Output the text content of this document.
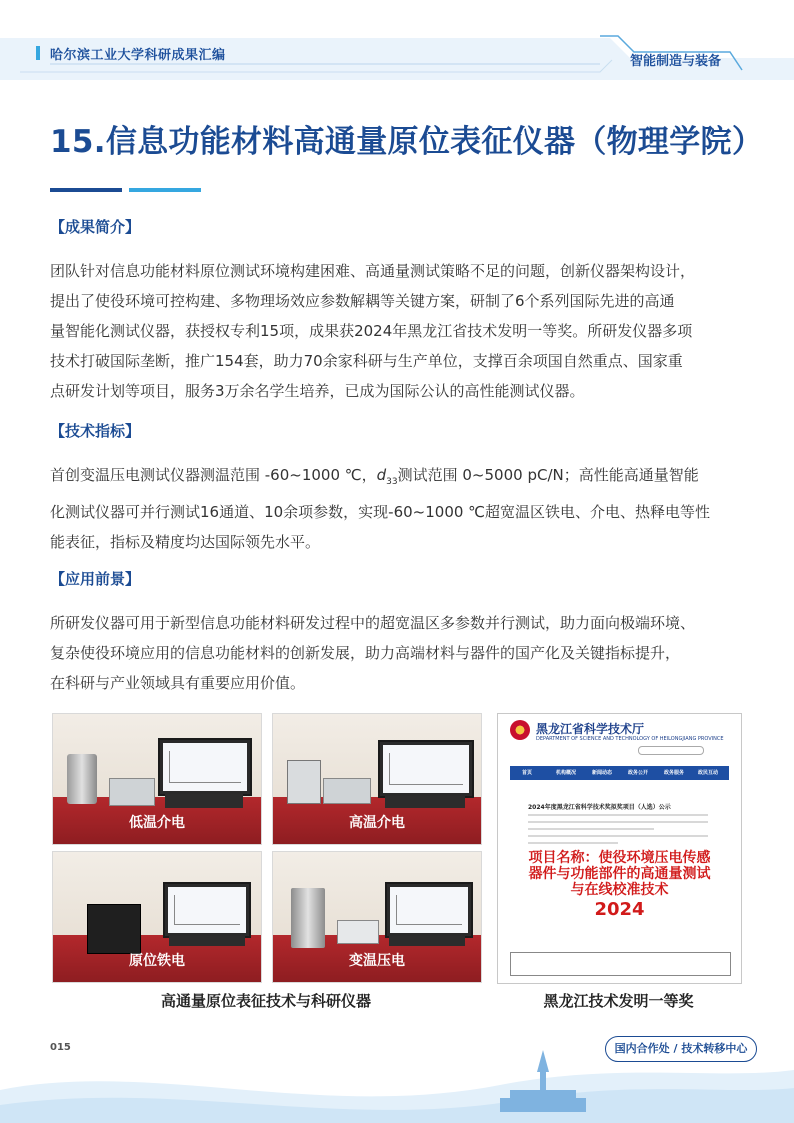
哈尔滨工业大学科研成果汇编	智能制造与装备
15.信息功能材料高通量原位表征仪器（物理学院）
【成果简介】
团队针对信息功能材料原位测试环境构建困难、高通量测试策略不足的问题，创新仪器架构设计，
提出了使役环境可控构建、多物理场效应参数解耦等关键方案，研制了6个系列国际先进的高通
量智能化测试仪器，获授权专利15项，成果获2024年黑龙江省技术发明一等奖。所研发仪器多项
技术打破国际垄断，推广154套，助力70余家科研与生产单位，支撑百余项国自然重点、国家重
点研发计划等项目，服务3万余名学生培养，已成为国际公认的高性能测试仪器。
【技术指标】
首创变温压电测试仪器测温范围 -60~1000 ℃，$d_{33}$测试范围 0~5000 pC/N；高性能高通量智能
化测试仪器可并行测试16通道、10余项参数，实现-60~1000 ℃超宽温区铁电、介电、热释电等性
能表征，指标及精度均达国际领先水平。
【应用前景】
所研发仪器可用于新型信息功能材料研发过程中的超宽温区多参数并行测试，助力面向极端环境、
复杂使役环境应用的信息功能材料的创新发展，助力高端材料与器件的国产化及关键指标提升，
在科研与产业领域具有重要应用价值。
低温介电	高温介电
原位铁电	变温压电
黑龙江省科学技术厅
DEPARTMENT OF SCIENCE AND TECHNOLOGY OF HEILONGJIANG PROVINCE
首页	机构概况	新闻动态	政务公开	政务服务	政民互动
2024年度黑龙江省科学技术奖拟奖项目（人选）公示
项目名称：使役环境压电传感
器件与功能部件的高通量测试
与在线校准技术
2024
高通量原位表征技术与科研仪器	黑龙江技术发明一等奖
015	国内合作处 / 技术转移中心
